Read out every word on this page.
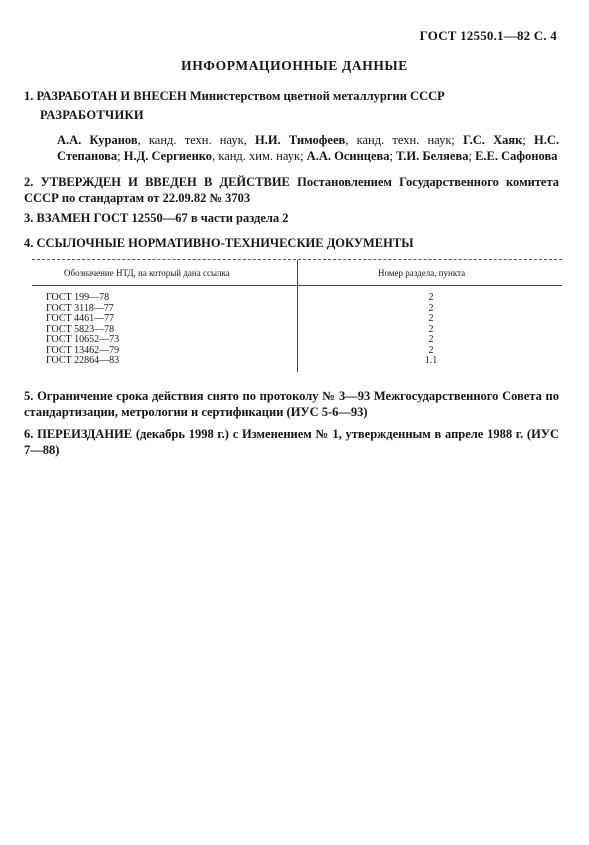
ГОСТ 12550.1—82 С. 4
ИНФОРМАЦИОННЫЕ ДАННЫЕ
1. РАЗРАБОТАН И ВНЕСЕН Министерством цветной металлургии СССР
РАЗРАБОТЧИКИ
А.А. Куранов, канд. техн. наук, Н.И. Тимофеев, канд. техн. наук; Г.С. Хаяк; Н.С. Степанова; Н.Д. Сергиенко, канд. хим. наук; А.А. Осинцева; Т.И. Беляева; Е.Е. Сафонова
2. УТВЕРЖДЕН И ВВЕДЕН В ДЕЙСТВИЕ Постановлением Государственного комитета СССР по стандартам от 22.09.82 № 3703
3. ВЗАМЕН ГОСТ 12550—67 в части раздела 2
4. ССЫЛОЧНЫЕ НОРМАТИВНО-ТЕХНИЧЕСКИЕ ДОКУМЕНТЫ
Обозначение НТД, на который дана ссылка	Номер раздела, пункта
ГОСТ 199—78	2
ГОСТ 3118—77	2
ГОСТ 4461—77	2
ГОСТ 5823—78	2
ГОСТ 10652—73	2
ГОСТ 13462—79	2
ГОСТ 22864—83	1.1
5. Ограничение срока действия снято по протоколу № 3—93 Межгосударственного Совета по стандартизации, метрологии и сертификации (ИУС 5-6—93)
6. ПЕРЕИЗДАНИЕ (декабрь 1998 г.) с Изменением № 1, утвержденным в апреле 1988 г. (ИУС 7—88)
